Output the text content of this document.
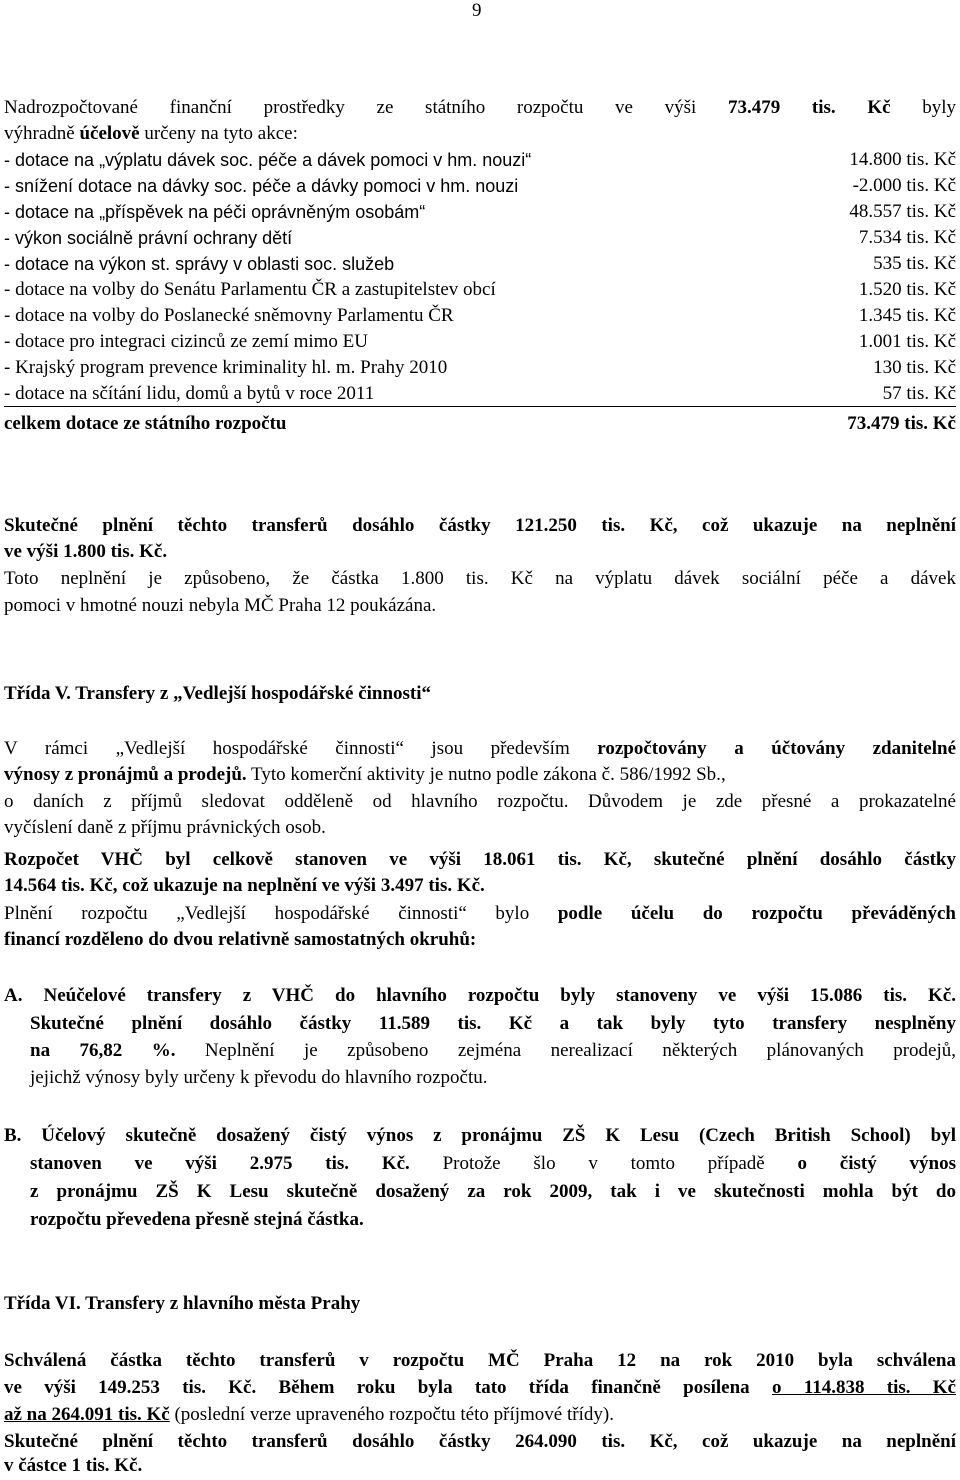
9

Nadrozpočtované finanční prostředky ze státního rozpočtu ve výši 73.479 tis. Kč byly

výhradně účelově určeny na tyto akce:
- dotace na „výplatu dávek soc. péče a dávek pomoci v hm. nouzi“	14.800 tis. Kč
- snížení dotace na dávky soc. péče a dávky pomoci v hm. nouzi	-2.000 tis. Kč
- dotace na „příspěvek na péči oprávněným osobám“	48.557 tis. Kč
- výkon sociálně právní ochrany dětí	7.534 tis. Kč
- dotace na výkon st. správy v oblasti soc. služeb	535 tis. Kč
- dotace na volby do Senátu Parlamentu ČR a zastupitelstev obcí	1.520 tis. Kč
- dotace na volby do Poslanecké sněmovny Parlamentu ČR	1.345 tis. Kč
- dotace pro integraci cizinců ze zemí mimo EU	1.001 tis. Kč
- Krajský program prevence kriminality hl. m. Prahy 2010	130 tis. Kč
- dotace na sčítání lidu, domů a bytů v roce 2011	57 tis. Kč
celkem dotace ze státního rozpočtu	73.479 tis. Kč

Skutečné plnění těchto transferů dosáhlo částky 121.250 tis. Kč, což ukazuje na neplnění

ve výši 1.800 tis. Kč.

Toto neplnění je způsobeno, že částka 1.800 tis. Kč na výplatu dávek sociální péče a dávek

pomoci v hmotné nouzi nebyla MČ Praha 12 poukázána.
Třída V. Transfery z „Vedlejší hospodářské činnosti“

V rámci „Vedlejší hospodářské činnosti“ jsou především rozpočtovány a účtovány zdanitelné

výnosy z pronájmů a prodejů. Tyto komerční aktivity je nutno podle zákona č. 586/1992 Sb.,

o daních z příjmů sledovat odděleně od hlavního rozpočtu. Důvodem je zde přesné a prokazatelné

vyčíslení daně z příjmu právnických osob.

Rozpočet VHČ byl celkově stanoven ve výši 18.061 tis. Kč, skutečné plnění dosáhlo částky

14.564 tis. Kč, což ukazuje na neplnění ve výši 3.497 tis. Kč.

Plnění rozpočtu „Vedlejší hospodářské činnosti“ bylo podle účelu do rozpočtu převáděných

financí rozděleno do dvou relativně samostatných okruhů:

A. Neúčelové transfery z VHČ do hlavního rozpočtu byly stanoveny ve výši 15.086 tis. Kč.

Skutečné plnění dosáhlo částky 11.589 tis. Kč a tak byly tyto transfery nesplněny

na 76,82 %. Neplnění je způsobeno zejména nerealizací některých plánovaných prodejů,

jejichž výnosy byly určeny k převodu do hlavního rozpočtu.

B. Účelový skutečně dosažený čistý výnos z pronájmu ZŠ K Lesu (Czech British School) byl

stanoven ve výši 2.975 tis. Kč. Protože šlo v tomto případě o čistý výnos

z pronájmu ZŠ K Lesu skutečně dosažený za rok 2009, tak i ve skutečnosti mohla být do

rozpočtu převedena přesně stejná částka.
Třída VI. Transfery z hlavního města Prahy

Schválená částka těchto transferů v rozpočtu MČ Praha 12 na rok 2010 byla schválena

ve výši 149.253 tis. Kč. Během roku byla tato třída finančně posílena o 114.838 tis. Kč

až na 264.091 tis. Kč (poslední verze upraveného rozpočtu této příjmové třídy).

Skutečné plnění těchto transferů dosáhlo částky 264.090 tis. Kč, což ukazuje na neplnění

v částce 1 tis. Kč.
